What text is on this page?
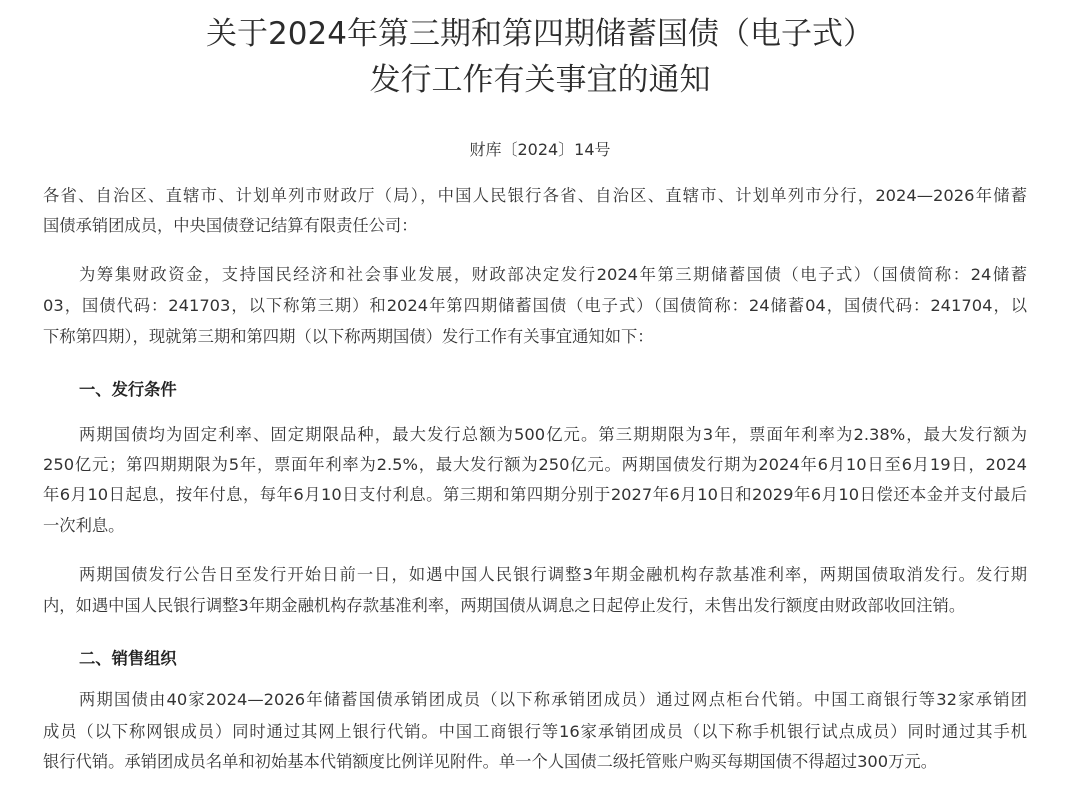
关于2024年第三期和第四期储蓄国债（电子式）
发行工作有关事宜的通知
财库〔2024〕14号
各省、自治区、直辖市、计划单列市财政厅（局），中国人民银行各省、自治区、直辖市、计划单列市分行，2024—2026年储蓄
国债承销团成员，中央国债登记结算有限责任公司：
为筹集财政资金，支持国民经济和社会事业发展，财政部决定发行2024年第三期储蓄国债（电子式）（国债简称：24储蓄
03，国债代码：241703，以下称第三期）和2024年第四期储蓄国债（电子式）（国债简称：24储蓄04，国债代码：241704，以
下称第四期），现就第三期和第四期（以下称两期国债）发行工作有关事宜通知如下：
一、发行条件
两期国债均为固定利率、固定期限品种，最大发行总额为500亿元。第三期期限为3年，票面年利率为2.38%，最大发行额为
250亿元；第四期期限为5年，票面年利率为2.5%，最大发行额为250亿元。两期国债发行期为2024年6月10日至6月19日，2024
年6月10日起息，按年付息，每年6月10日支付利息。第三期和第四期分别于2027年6月10日和2029年6月10日偿还本金并支付最后
一次利息。
两期国债发行公告日至发行开始日前一日，如遇中国人民银行调整3年期金融机构存款基准利率，两期国债取消发行。发行期
内，如遇中国人民银行调整3年期金融机构存款基准利率，两期国债从调息之日起停止发行，未售出发行额度由财政部收回注销。
二、销售组织
两期国债由40家2024—2026年储蓄国债承销团成员（以下称承销团成员）通过网点柜台代销。中国工商银行等32家承销团
成员（以下称网银成员）同时通过其网上银行代销。中国工商银行等16家承销团成员（以下称手机银行试点成员）同时通过其手机
银行代销。承销团成员名单和初始基本代销额度比例详见附件。单一个人国债二级托管账户购买每期国债不得超过300万元。
